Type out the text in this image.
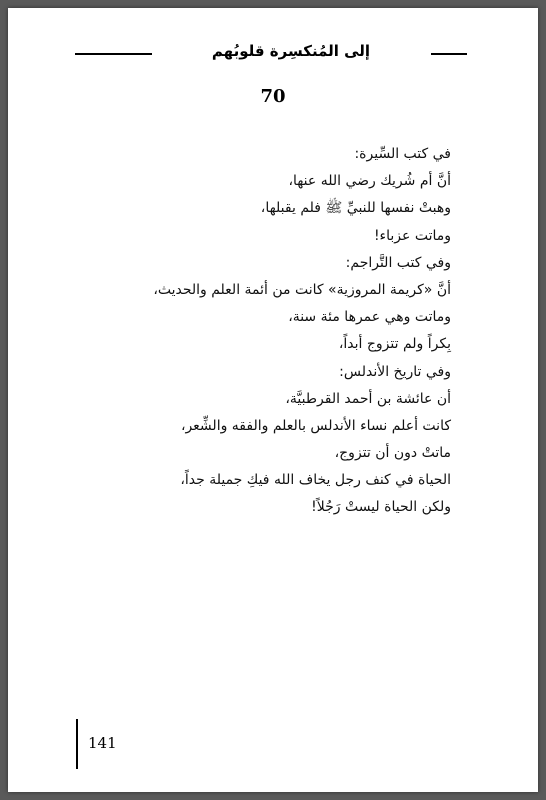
إلى المُنكسِرة قلوبُهم
70
في كتب السِّيرة:
أنَّ أم شُريك رضي الله عنها،
وهبتْ نفسها للنبيِّ ﷺ فلم يقبلها،
وماتت عزباء!
وفي كتب التَّراجم:
أنَّ «كريمة المروزية» كانت من أئمة العلم والحديث،
وماتت وهي عمرها مئة سنة،
بِكراً ولم تتزوج أبداً،
وفي تاريخ الأندلس:
أن عائشة بن أحمد القرطبيَّة،
كانت أعلم نساء الأندلس بالعلم والفقه والشِّعر،
ماتتْ دون أن تتزوج،
الحياة في كنف رجل يخاف الله فيكِ جميلة جداً،
ولكن الحياة ليستْ رَجُلاً!
141
